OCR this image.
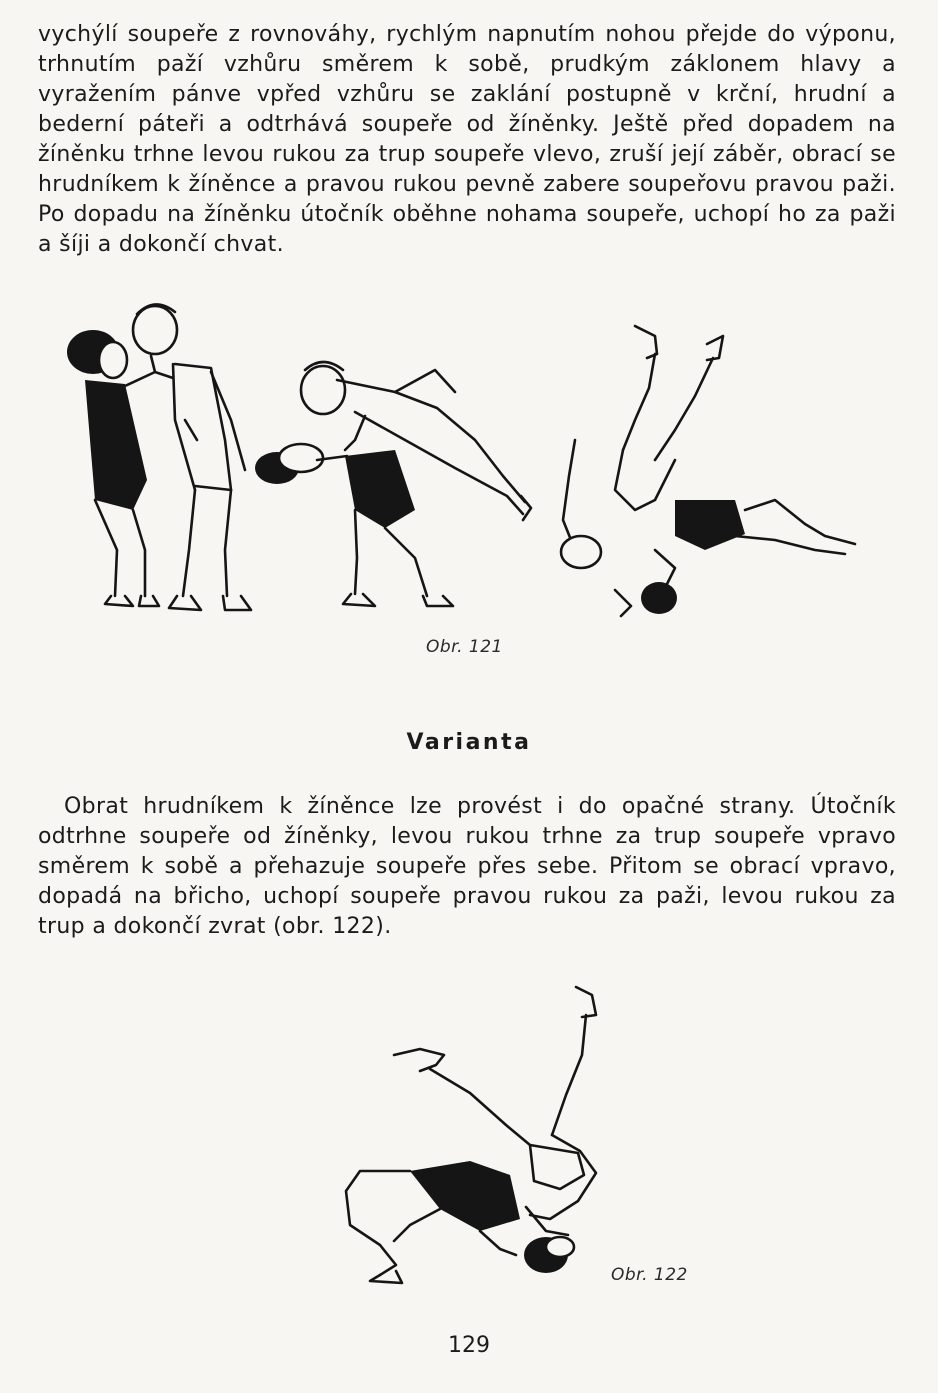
vychýlí soupeře z rovnováhy, rychlým napnutím nohou přejde do výponu, trhnutím paží vzhůru směrem k sobě, prudkým záklonem hlavy a vyražením pánve vpřed vzhůru se zaklání postupně v krční, hrudní a bederní páteři a odtrhává soupeře od žíněnky. Ještě před dopadem na žíněnku trhne levou rukou za trup soupeře vlevo, zruší její záběr, obrací se hrudníkem k žíněnce a pravou rukou pevně zabere soupeřovu pravou paži. Po dopadu na žíněnku útočník oběhne nohama soupeře, uchopí ho za paži a šíji a dokončí chvat.

Obr. 121
Varianta

Obrat hrudníkem k žíněnce lze provést i do opačné strany. Útočník odtrhne soupeře od žíněnky, levou rukou trhne za trup soupeře vpravo směrem k sobě a přehazuje soupeře přes sebe. Přitom se obrací vpravo, dopadá na břicho, uchopí soupeře pravou rukou za paži, levou rukou za trup a dokončí zvrat (obr. 122).

Obr. 122
129
